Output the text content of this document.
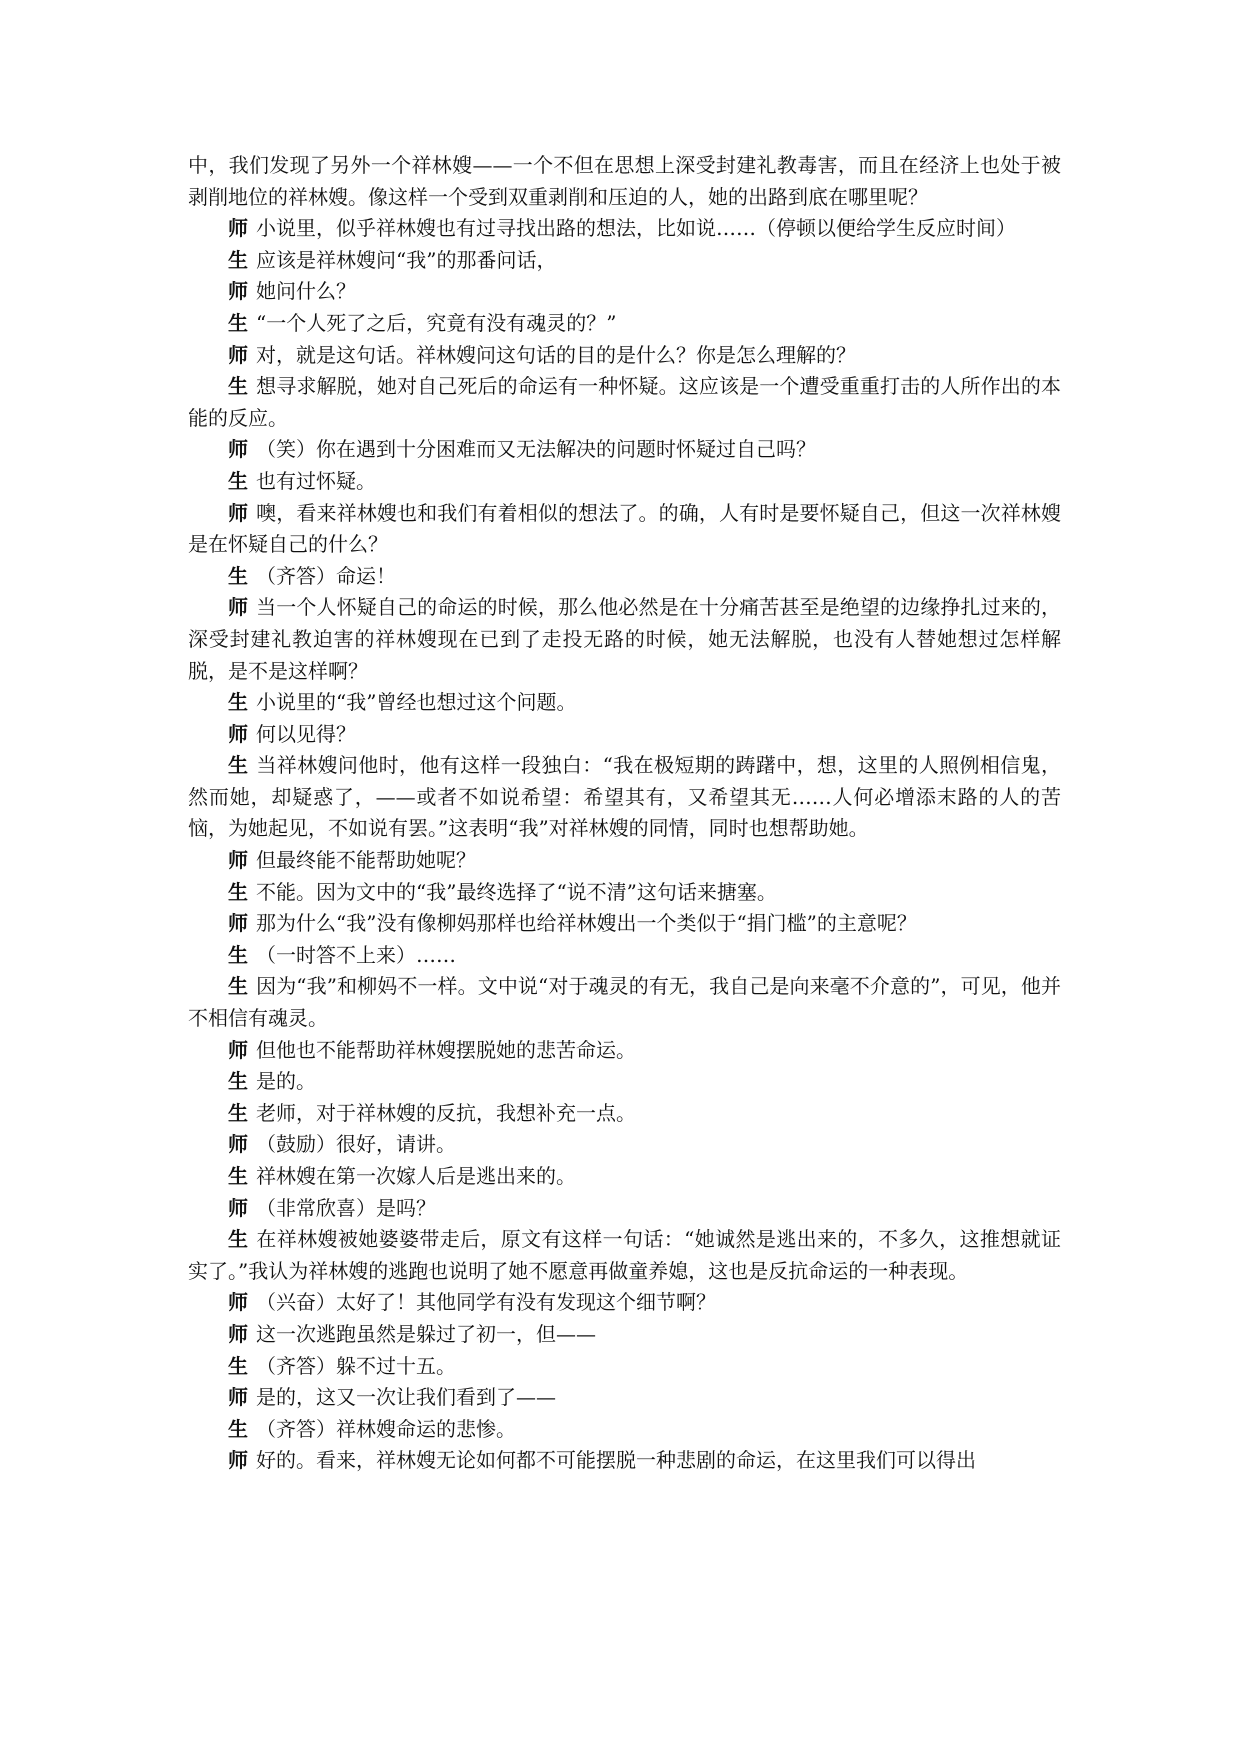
中，我们发现了另外一个祥林嫂——一个不但在思想上深受封建礼教毒害，而且在经济上也处于被剥削地位的祥林嫂。像这样一个受到双重剥削和压迫的人，她的出路到底在哪里呢？

师 小说里，似乎祥林嫂也有过寻找出路的想法，比如说……（停顿以便给学生反应时间）

生 应该是祥林嫂问“我”的那番问话，

师 她问什么？

生 “一个人死了之后，究竟有没有魂灵的？”

师 对，就是这句话。祥林嫂问这句话的目的是什么？你是怎么理解的？

生 想寻求解脱，她对自己死后的命运有一种怀疑。这应该是一个遭受重重打击的人所作出的本能的反应。

师 （笑）你在遇到十分困难而又无法解决的问题时怀疑过自己吗？

生 也有过怀疑。

师 噢，看来祥林嫂也和我们有着相似的想法了。的确，人有时是要怀疑自己，但这一次祥林嫂是在怀疑自己的什么？

生 （齐答）命运！

师 当一个人怀疑自己的命运的时候，那么他必然是在十分痛苦甚至是绝望的边缘挣扎过来的，深受封建礼教迫害的祥林嫂现在已到了走投无路的时候，她无法解脱，也没有人替她想过怎样解脱，是不是这样啊？

生 小说里的“我”曾经也想过这个问题。

师 何以见得？

生 当祥林嫂问他时，他有这样一段独白：“我在极短期的踌躇中，想，这里的人照例相信鬼，然而她，却疑惑了，——或者不如说希望：希望其有，又希望其无……人何必增添末路的人的苦恼，为她起见，不如说有罢。”这表明“我”对祥林嫂的同情，同时也想帮助她。

师 但最终能不能帮助她呢？

生 不能。因为文中的“我”最终选择了“说不清”这句话来搪塞。

师 那为什么“我”没有像柳妈那样也给祥林嫂出一个类似于“捐门槛”的主意呢？

生 （一时答不上来）……

生 因为“我”和柳妈不一样。文中说“对于魂灵的有无，我自己是向来毫不介意的”，可见，他并不相信有魂灵。

师 但他也不能帮助祥林嫂摆脱她的悲苦命运。

生 是的。

生 老师，对于祥林嫂的反抗，我想补充一点。

师 （鼓励）很好，请讲。

生 祥林嫂在第一次嫁人后是逃出来的。

师 （非常欣喜）是吗？

生 在祥林嫂被她婆婆带走后，原文有这样一句话：“她诚然是逃出来的，不多久，这推想就证实了。”我认为祥林嫂的逃跑也说明了她不愿意再做童养媳，这也是反抗命运的一种表现。

师 （兴奋）太好了！其他同学有没有发现这个细节啊？

师 这一次逃跑虽然是躲过了初一，但——

生 （齐答）躲不过十五。

师 是的，这又一次让我们看到了——

生 （齐答）祥林嫂命运的悲惨。

师 好的。看来，祥林嫂无论如何都不可能摆脱一种悲剧的命运，在这里我们可以得出
